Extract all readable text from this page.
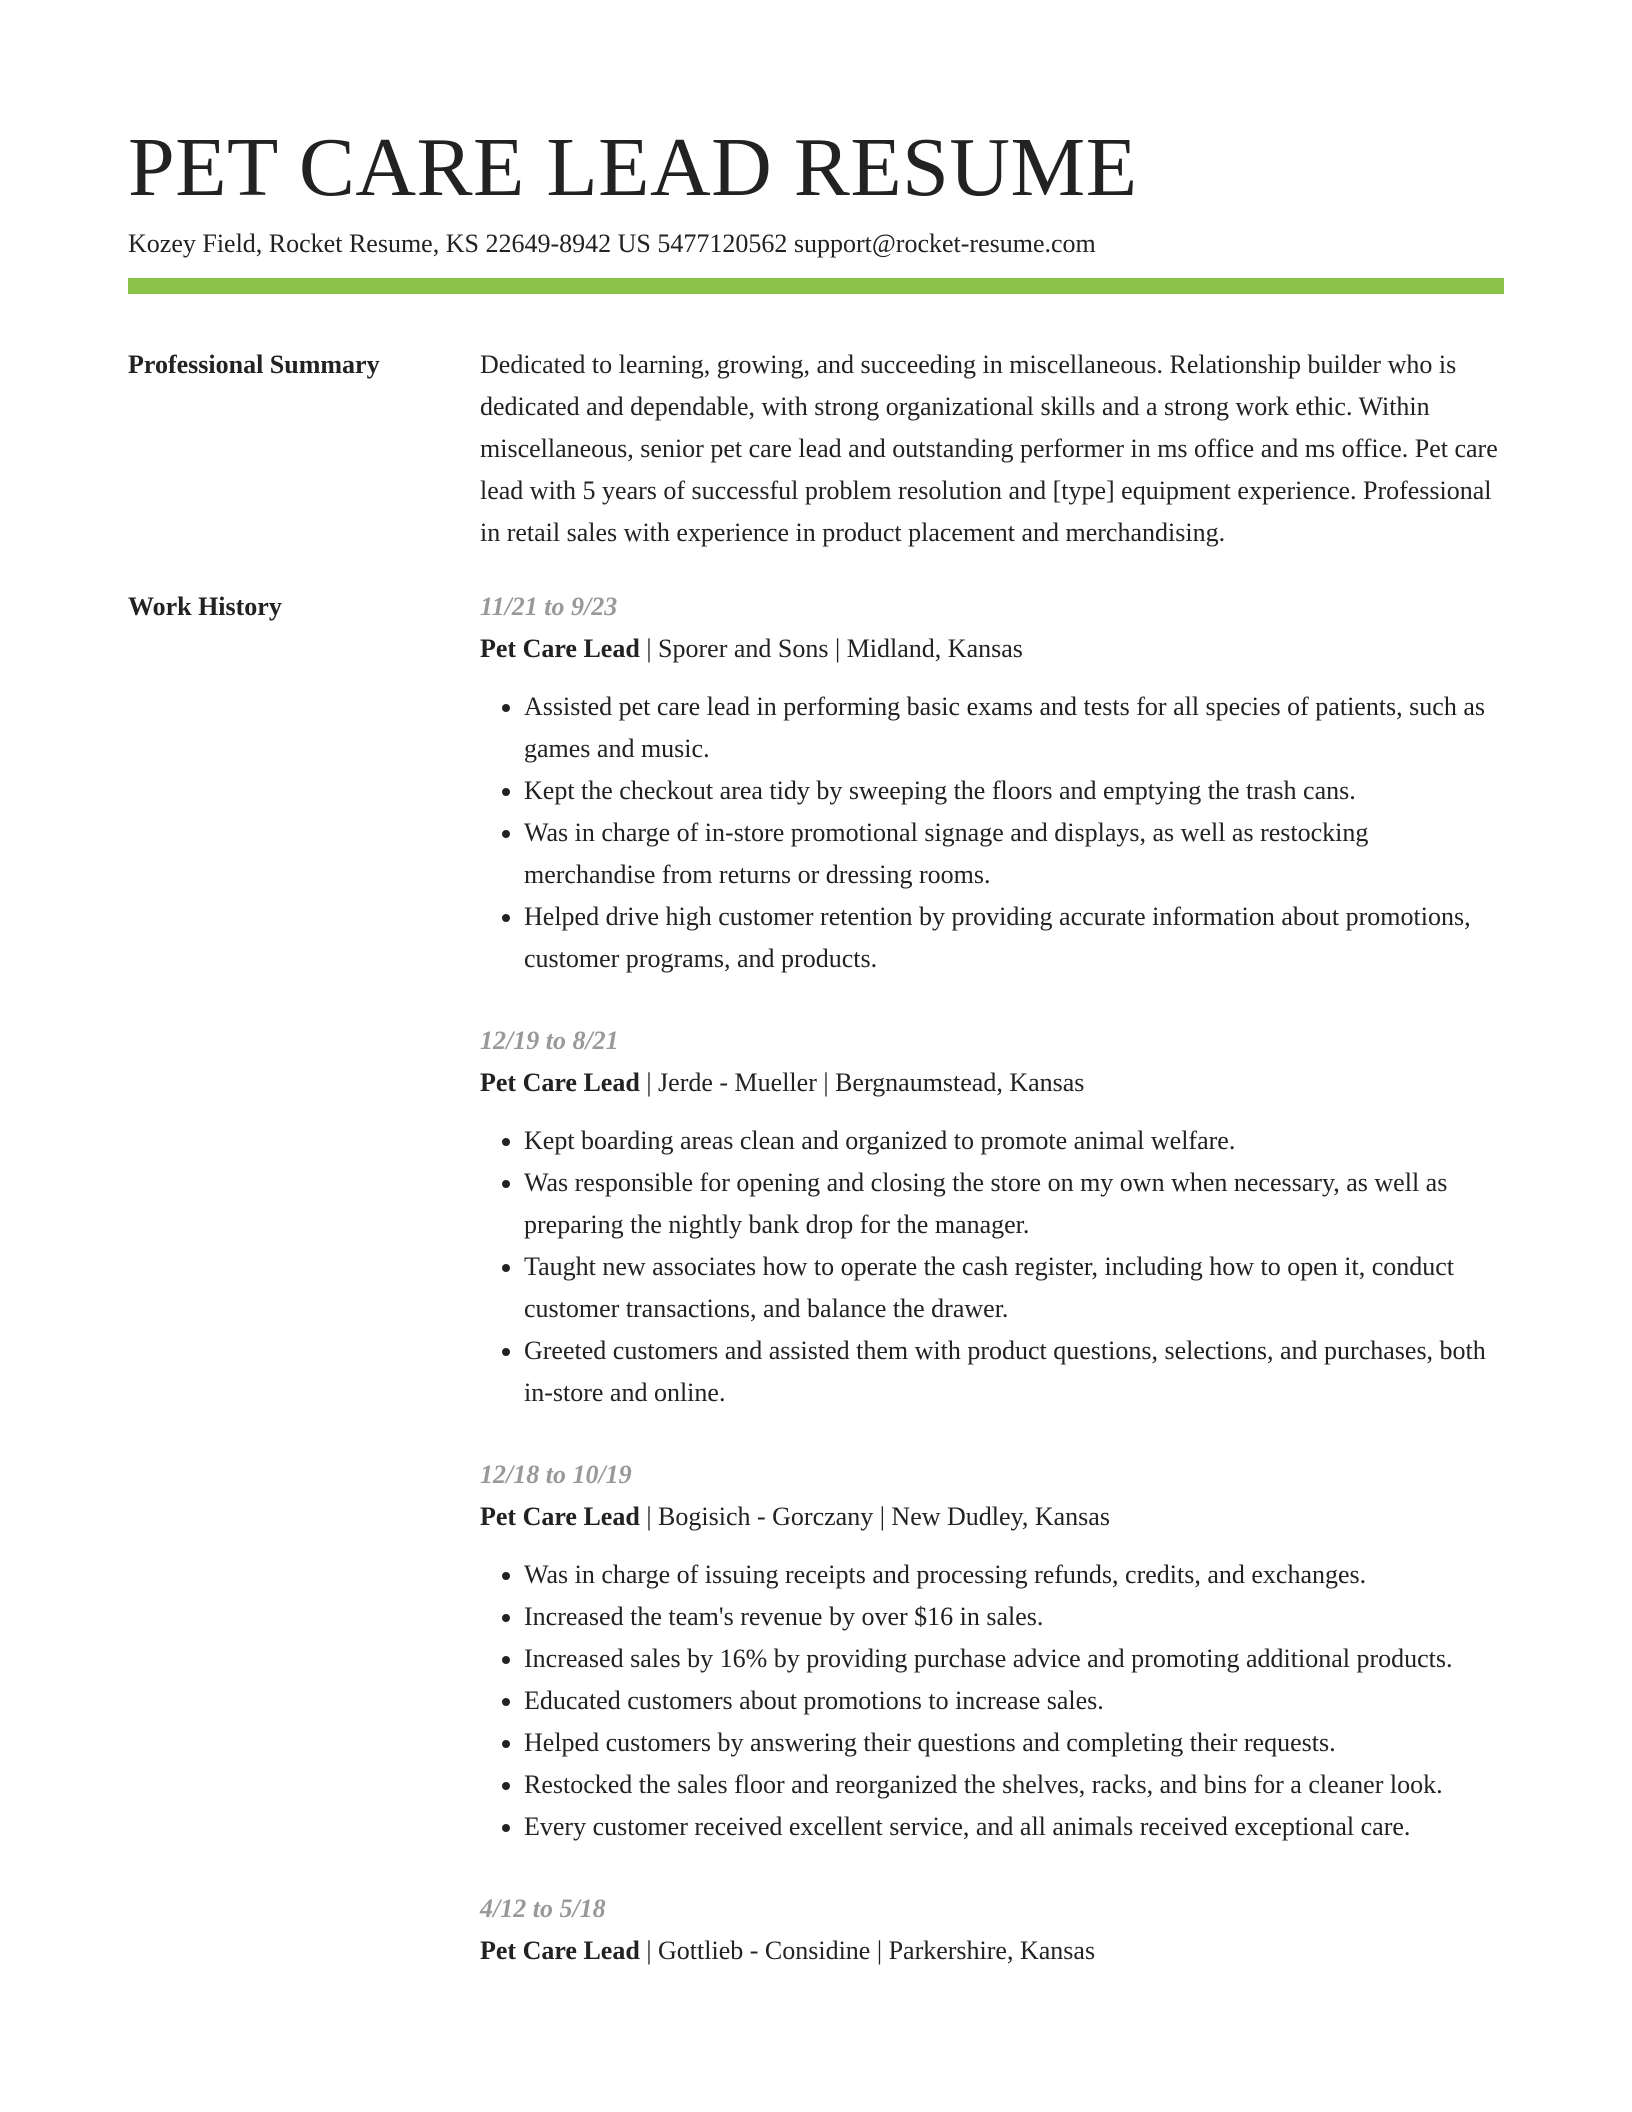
PET CARE LEAD RESUME
Kozey Field, Rocket Resume, KS 22649-8942 US 5477120562 support@rocket-resume.com
Professional Summary	Dedicated to learning, growing, and succeeding in miscellaneous. Relationship builder who is dedicated and dependable, with strong organizational skills and a strong work ethic. Within miscellaneous, senior pet care lead and outstanding performer in ms office and ms office. Pet care lead with 5 years of successful problem resolution and [type] equipment experience. Professional in retail sales with experience in product placement and merchandising.

Work History	11/21 to 9/23
Pet Care Lead | Sporer and Sons | Midland, Kansas
• Assisted pet care lead in performing basic exams and tests for all species of patients, such as games and music.
• Kept the checkout area tidy by sweeping the floors and emptying the trash cans.
• Was in charge of in-store promotional signage and displays, as well as restocking merchandise from returns or dressing rooms.
• Helped drive high customer retention by providing accurate information about promotions, customer programs, and products.
12/19 to 8/21
Pet Care Lead | Jerde - Mueller | Bergnaumstead, Kansas
• Kept boarding areas clean and organized to promote animal welfare.
• Was responsible for opening and closing the store on my own when necessary, as well as preparing the nightly bank drop for the manager.
• Taught new associates how to operate the cash register, including how to open it, conduct customer transactions, and balance the drawer.
• Greeted customers and assisted them with product questions, selections, and purchases, both in-store and online.
12/18 to 10/19
Pet Care Lead | Bogisich - Gorczany | New Dudley, Kansas
• Was in charge of issuing receipts and processing refunds, credits, and exchanges.
• Increased the team's revenue by over $16 in sales.
• Increased sales by 16% by providing purchase advice and promoting additional products.
• Educated customers about promotions to increase sales.
• Helped customers by answering their questions and completing their requests.
• Restocked the sales floor and reorganized the shelves, racks, and bins for a cleaner look.
• Every customer received excellent service, and all animals received exceptional care.
4/12 to 5/18
Pet Care Lead | Gottlieb - Considine | Parkershire, Kansas
